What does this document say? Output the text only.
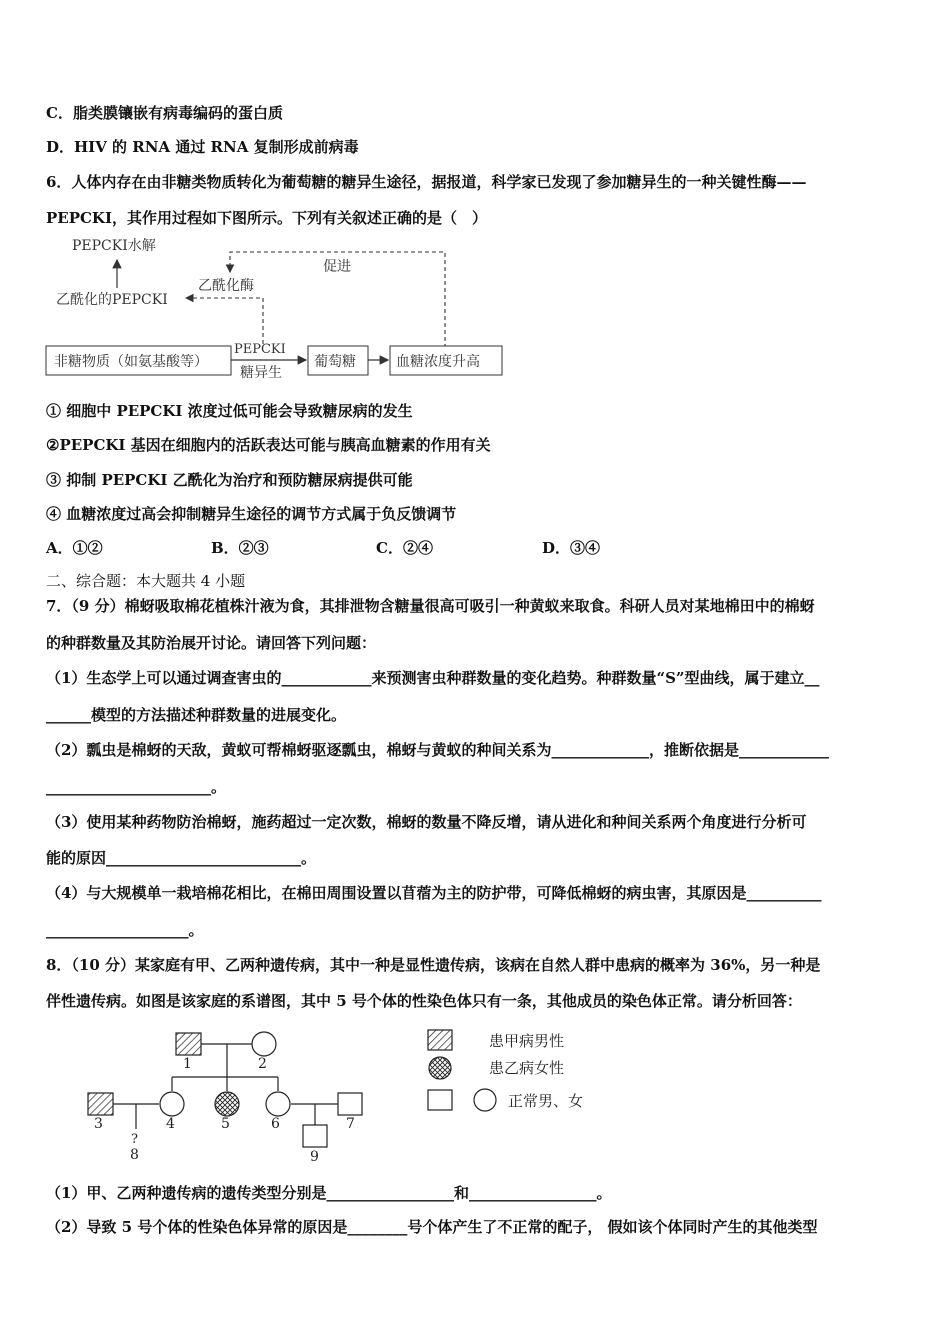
C．脂类膜镶嵌有病毒编码的蛋白质
D．HIV 的 RNA 通过 RNA 复制形成前病毒
6．人体内存在由非糖类物质转化为葡萄糖的糖异生途径，据报道，科学家已发现了参加糖异生的一种关键性酶——
PEPCKI，其作用过程如下图所示。下列有关叙述正确的是（　）
PEPCKI水解
乙酰化的PEPCKI
乙酰化酶
促进
非糖物质（如氨基酸等）
PEPCKI
糖异生
葡萄糖	血糖浓度升高
① 细胞中 PEPCKI 浓度过低可能会导致糖尿病的发生
②PEPCKI 基因在细胞内的活跃表达可能与胰高血糖素的作用有关
③ 抑制 PEPCKI 乙酰化为治疗和预防糖尿病提供可能
④ 血糖浓度过高会抑制糖异生途径的调节方式属于负反馈调节
A．①②	B．②③	C．②④	D．③④
二、综合题：本大题共 4 小题
7．（9 分）棉蚜吸取棉花植株汁液为食，其排泄物含糖量很高可吸引一种黄蚁来取食。科研人员对某地棉田中的棉蚜
的种群数量及其防治展开讨论。请回答下列问题：
（1）生态学上可以通过调查害虫的____________来预测害虫种群数量的变化趋势。种群数量“S”型曲线，属于建立__
______模型的方法描述种群数量的进展变化。
（2）瓢虫是棉蚜的天敌，黄蚁可帮棉蚜驱逐瓢虫，棉蚜与黄蚁的种间关系为_____________，推断依据是____________
______________________。
（3）使用某种药物防治棉蚜，施药超过一定次数，棉蚜的数量不降反增，请从进化和种间关系两个角度进行分析可
能的原因__________________________。
（4）与大规模单一栽培棉花相比，在棉田周围设置以苜蓿为主的防护带，可降低棉蚜的病虫害，其原因是__________
___________________。
8．（10 分）某家庭有甲、乙两种遗传病，其中一种是显性遗传病，该病在自然人群中患病的概率为 36%，另一种是
伴性遗传病。如图是该家庭的系谱图，其中 5 号个体的性染色体只有一条，其他成员的染色体正常。请分析回答：
1	2
3	4	5	6	7
?
8	9
患甲病男性
患乙病女性
正常男、女
（1）甲、乙两种遗传病的遗传类型分别是_________________和_________________。
（2）导致 5 号个体的性染色体异常的原因是________号个体产生了不正常的配子， 假如该个体同时产生的其他类型
